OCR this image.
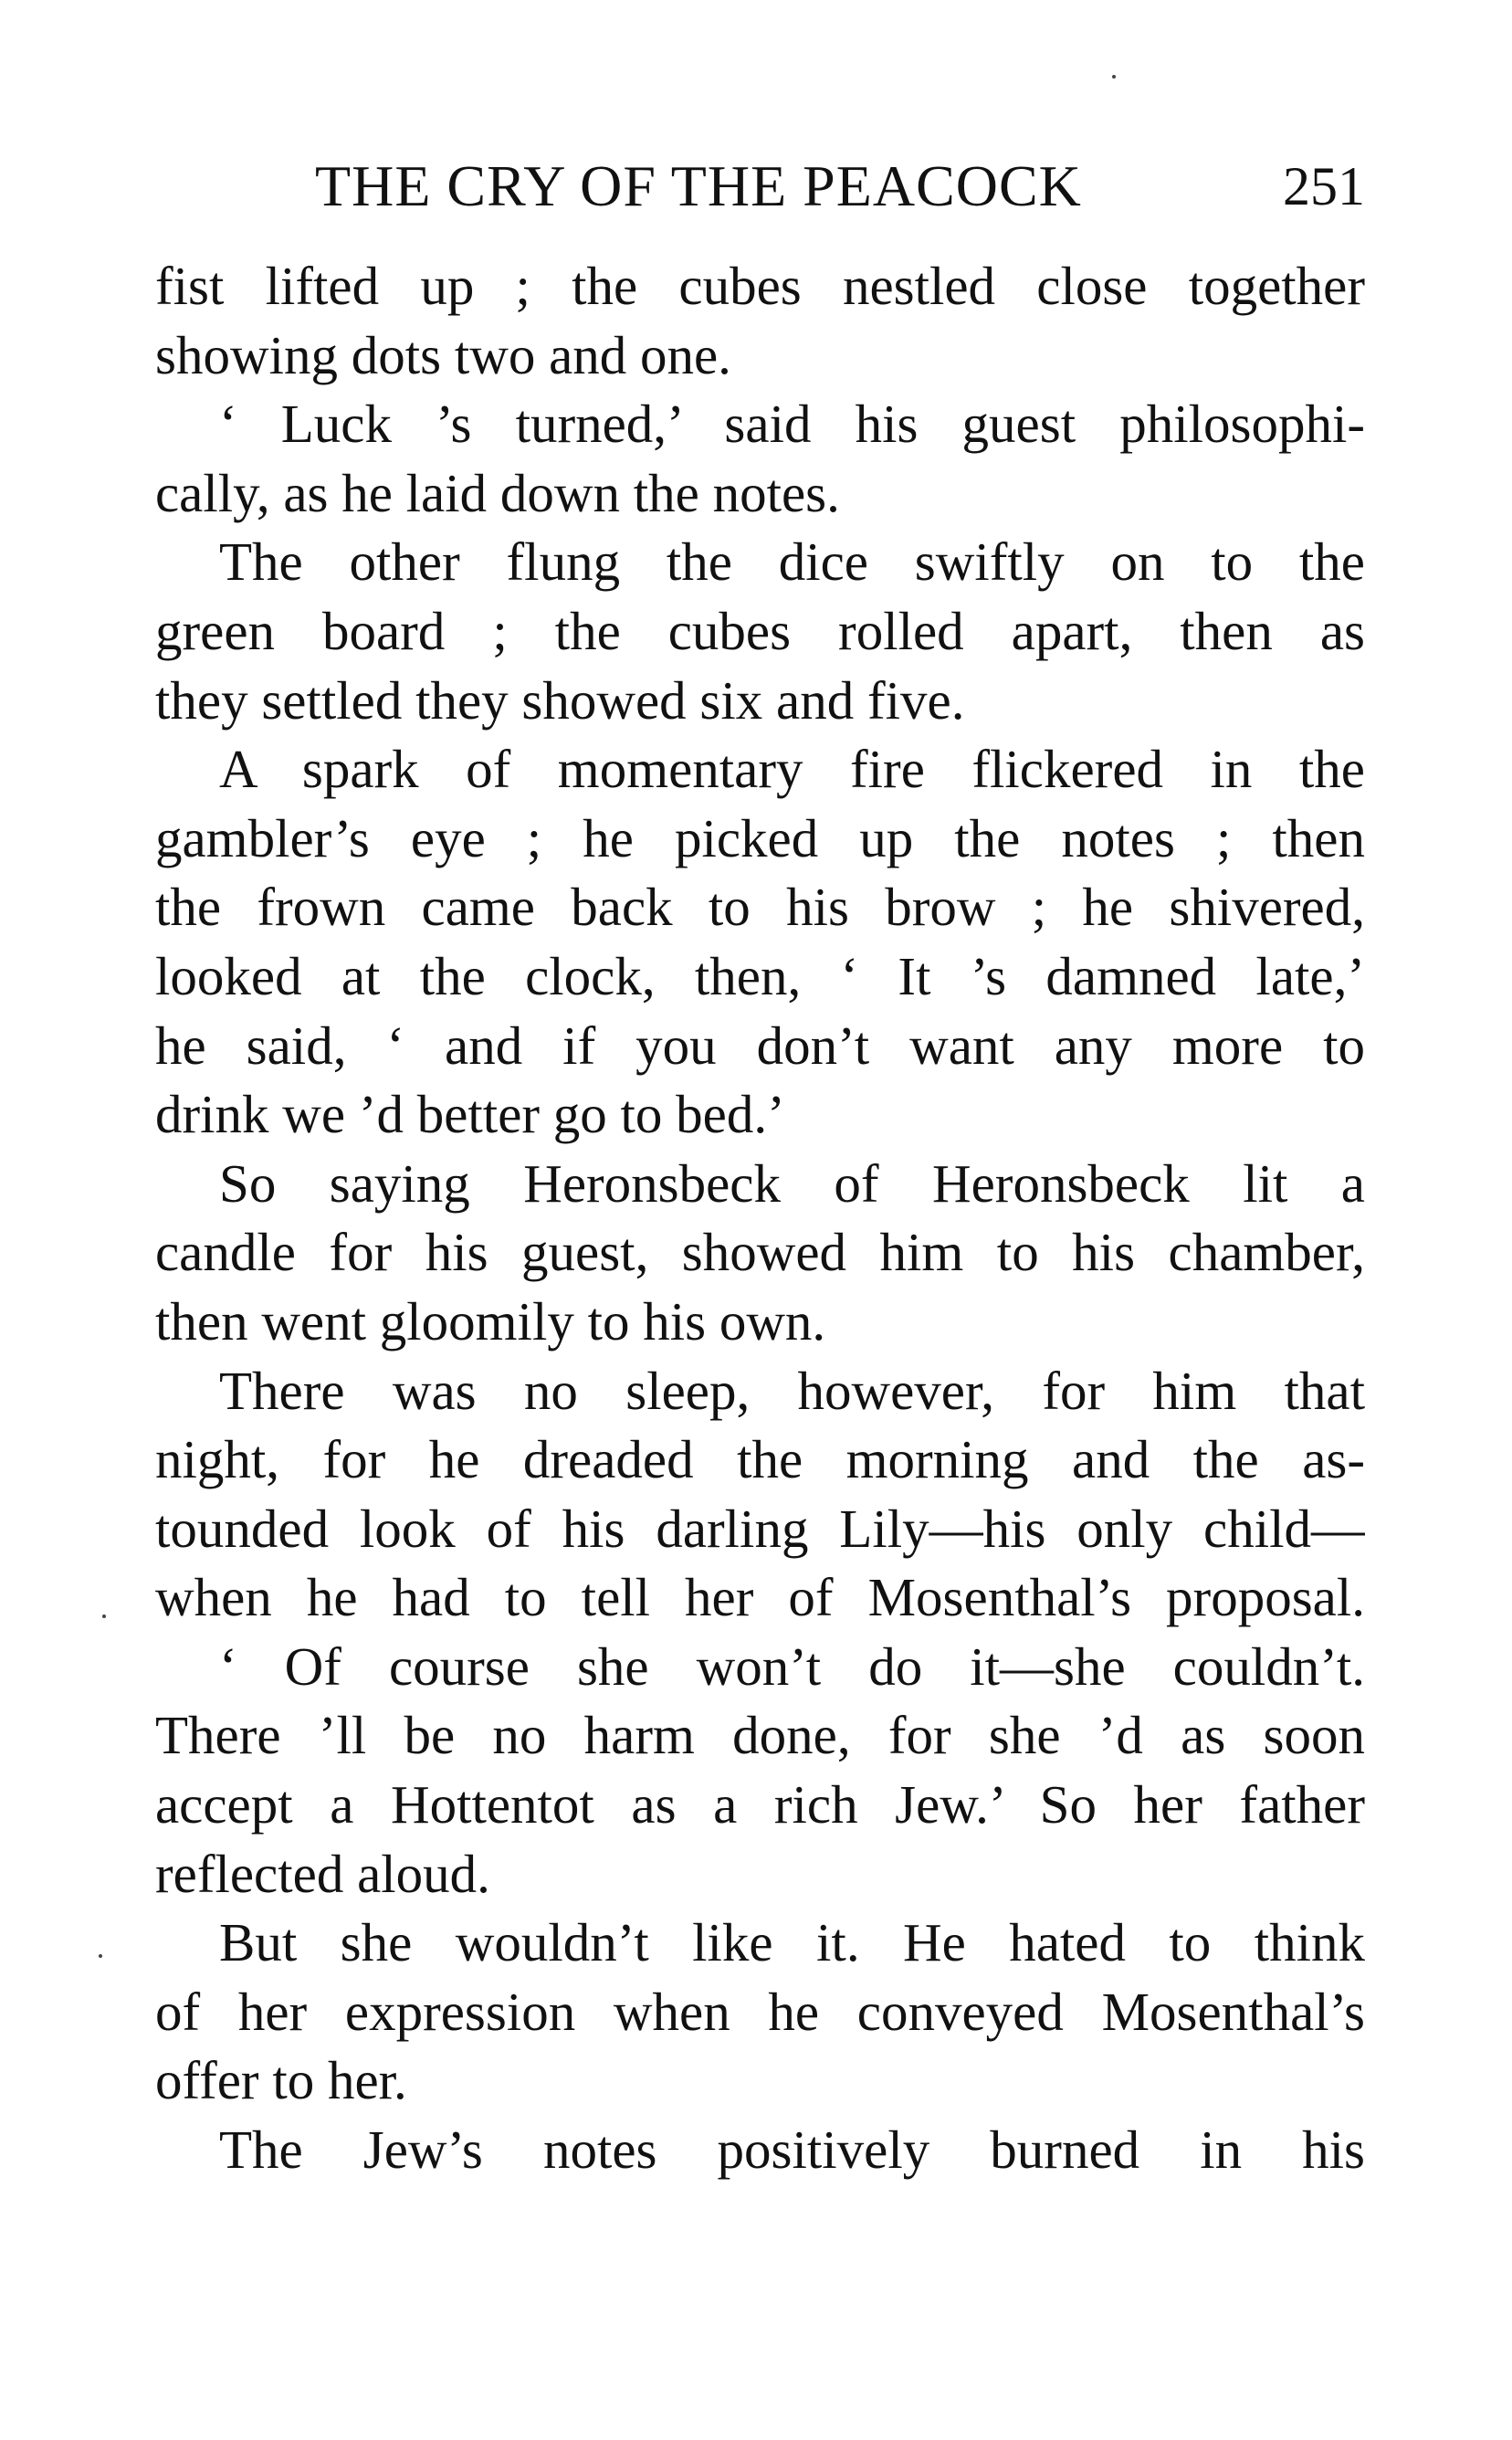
THE CRY OF THE PEACOCK	251
fist lifted up ; the cubes nestled close together
showing dots two and one.
‘ Luck ’s turned,’ said his guest philosophi-
cally, as he laid down the notes.
The other flung the dice swiftly on to the
green board ; the cubes rolled apart, then as
they settled they showed six and five.
A spark of momentary fire flickered in the
gambler’s eye ; he picked up the notes ; then
the frown came back to his brow ; he shivered,
looked at the clock, then, ‘ It ’s damned late,’
he said, ‘ and if you don’t want any more to
drink we ’d better go to bed.’
So saying Heronsbeck of Heronsbeck lit a
candle for his guest, showed him to his chamber,
then went gloomily to his own.
There was no sleep, however, for him that
night, for he dreaded the morning and the as-
tounded look of his darling Lily—his only child—
when he had to tell her of Mosenthal’s proposal.
‘ Of course she won’t do it—she couldn’t.
There ’ll be no harm done, for she ’d as soon
accept a Hottentot as a rich Jew.’ So her father
reflected aloud.
But she wouldn’t like it. He hated to think
of her expression when he conveyed Mosenthal’s
offer to her.
The Jew’s notes positively burned in his
